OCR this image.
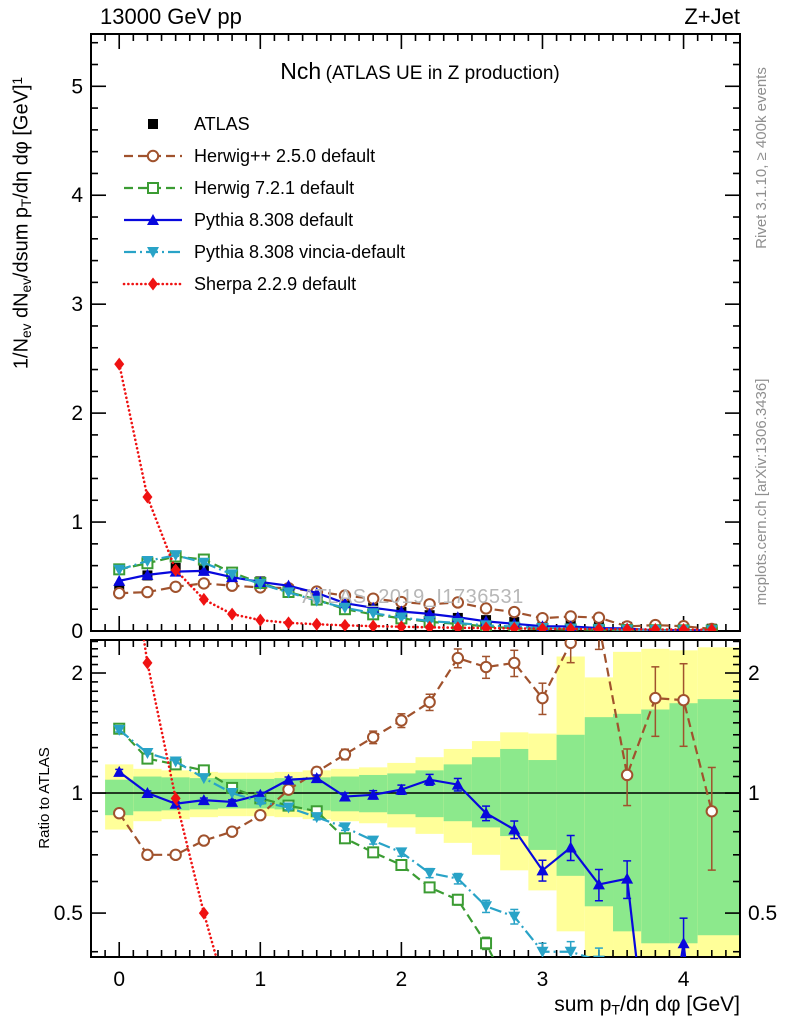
13000 GeV pp	Z+Jet
Nch (ATLAS UE in Z production)
0
1
2
3
4
5
0.5	0.5
1	1
2	2
0	1	2	3	4
ATLAS
Herwig++ 2.5.0 default
Herwig 7.2.1 default
Pythia 8.308 default
Pythia 8.308 vincia-default
Sherpa 2.2.9 default
$1/N_{ev}$ $dN_{ev}$/dsum $p_T/d\eta$ dφ [GeV]$^1$
Ratio to ATLAS
sum $p_T/d\eta$ dφ [GeV]
ATLAS_2019_I1736531
Rivet 3.1.10, ≥ 400k events
mcplots.cern.ch [arXiv:1306.3436]
